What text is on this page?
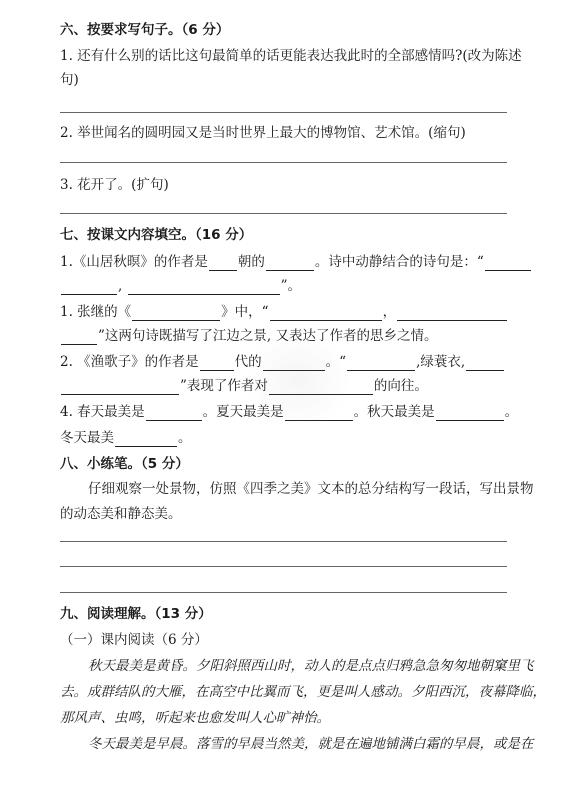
六、按要求写句子。（6 分）
1. 还有什么别的话比这句最简单的话更能表达我此时的全部感情吗?(改为陈述
句)
2. 举世闻名的圆明园又是当时世界上最大的博物馆、艺术馆。(缩句)
3. 花开了。(扩句)
七、按课文内容填空。（16 分）
1.《山居秋暝》的作者是 朝的	。诗中动静结合的诗句是：“
,	”。
1. 张继的《	》中，“	，
”这两句诗既描写了江边之景, 又表达了作者的思乡之情。
2. 《渔歌子》的作者是	代的	。“	,绿蓑衣,
”表现了作者对	的向往。
4. 春天最美是	。夏天最美是	。秋天最美是	。
冬天最美	。
八、小练笔。（5 分）
仔细观察一处景物，仿照《四季之美》文本的总分结构写一段话，写出景物
的动态美和静态美。
九、阅读理解。（13 分）
（一）课内阅读（6 分）
秋天最美是黄昏。夕阳斜照西山时，动人的是点点归鸦急急匆匆地朝窠里飞
去。成群结队的大雁，在高空中比翼而飞，更是叫人感动。夕阳西沉，夜幕降临，
那风声、虫鸣，听起来也愈发叫人心旷神怡。
冬天最美是早晨。落雪的早晨当然美，就是在遍地铺满白霜的早晨，或是在
